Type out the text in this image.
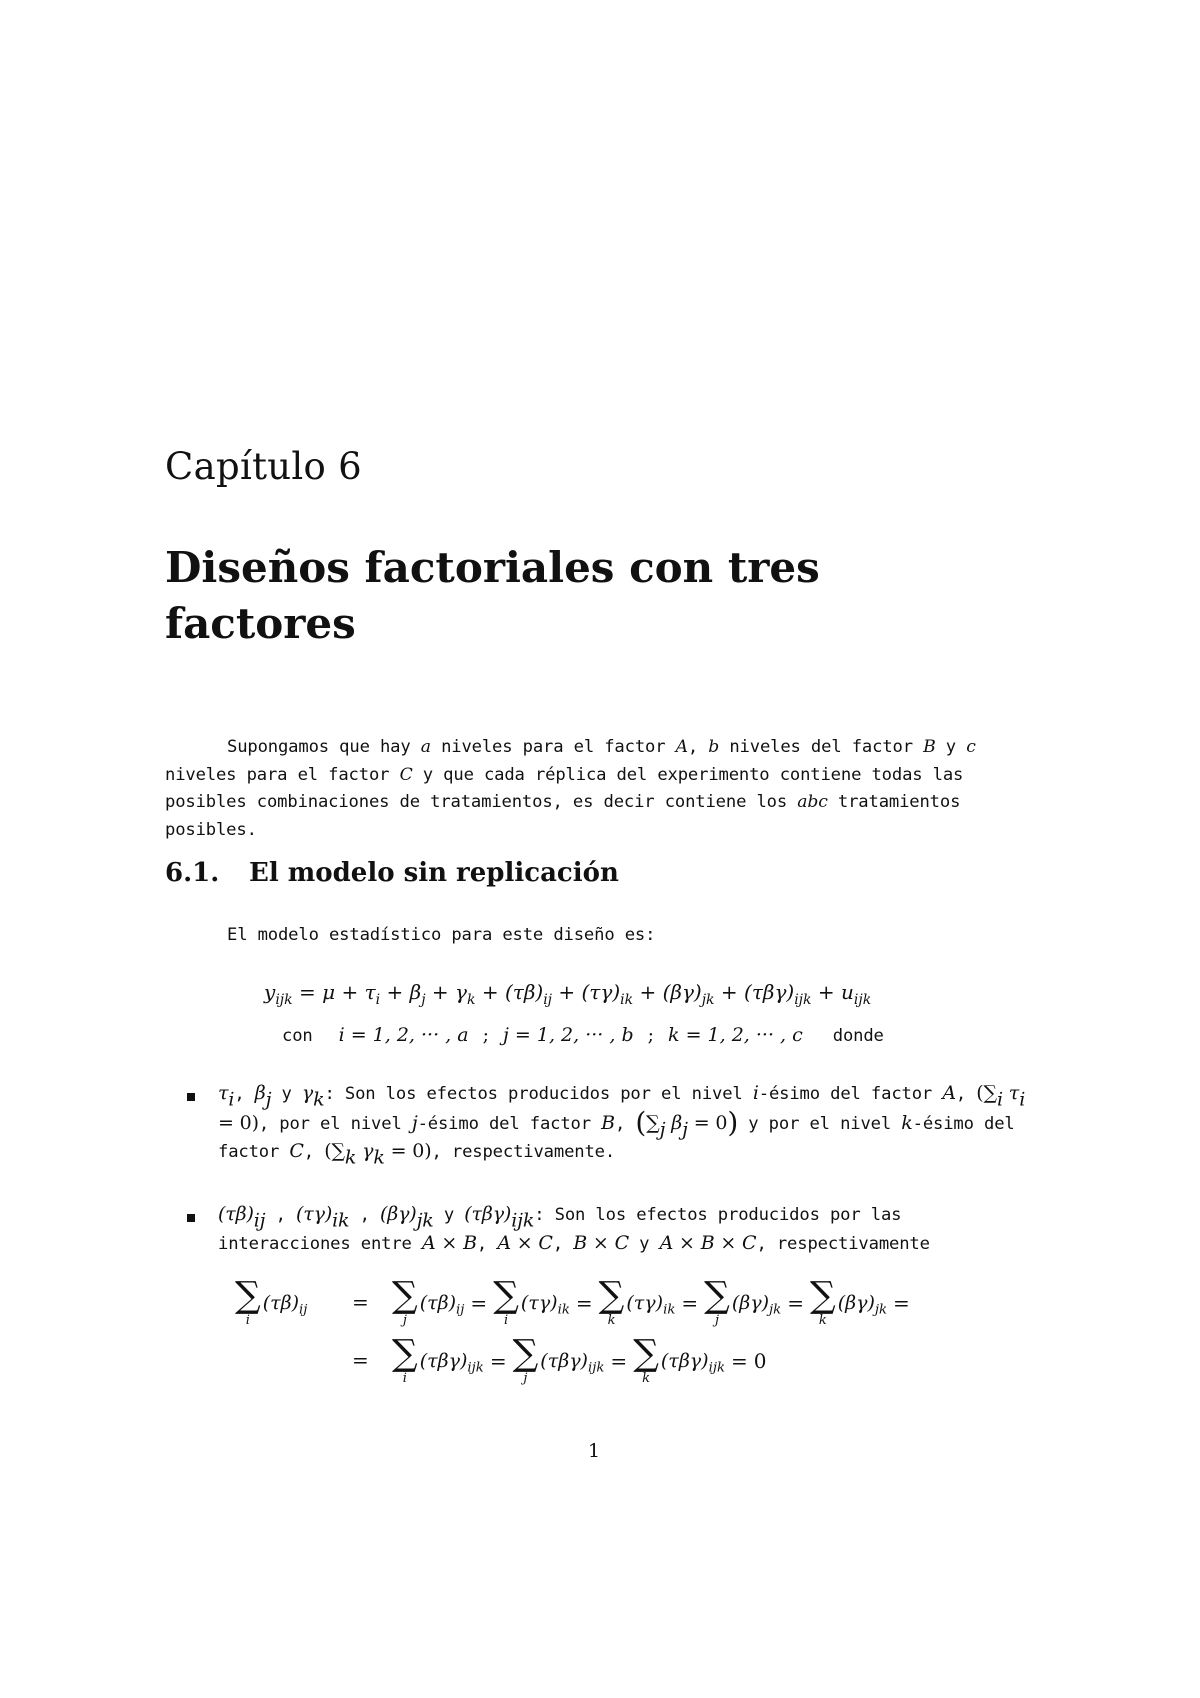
Capítulo 6
Diseños factoriales con tres
factores
Supongamos que hay a niveles para el factor A, b niveles del factor B y c niveles para el factor C y que cada réplica del experimento contiene todas las posibles combinaciones de tratamientos, es decir contiene los abc tratamientos posibles.
6.1. El modelo sin replicación
El modelo estadístico para este diseño es:
$y_{ijk} = \mu + \tau_i + \beta_j + \gamma_k + (\tau\beta)_{ij} + (\tau\gamma)_{ik} + (\beta\gamma)_{jk} + (\tau\beta\gamma)_{ijk} + u_{ijk}$
con i = 1, 2, ··· , a ; j = 1, 2, ··· , b ; k = 1, 2, ··· , c donde
$\tau_i$, $\beta_j$ y $\gamma_k$: Son los efectos producidos por el nivel i-ésimo del factor A, ($\sum_i$ $\tau_i = 0$), por el nivel j-ésimo del factor B, ($\sum_j$ $\beta_j = 0$) y por el nivel k-ésimo del factor C, ($\sum_k$ $\gamma_k = 0$), respectivamente.
$(\tau\beta)_{ij}$ , $(\tau\gamma)_{ik}$ , $(\beta\gamma)_{jk}$ y $(\tau\beta\gamma)_{ijk}$: Son los efectos producidos por las interacciones entre A × B, A × C, B × C y A × B × C, respectivamente
∑
i
$(\tau\beta)_{ij}$ = ∑
j
$(\tau\beta)_{ij}$ = ∑
i
$(\tau\gamma)_{ik}$ = ∑
k
$(\tau\gamma)_{ik}$ = ∑
j
$(\beta\gamma)_{jk}$ = ∑
k
$(\beta\gamma)_{jk}$ =
= ∑
i
$(\tau\beta\gamma)_{ijk}$ = ∑
j
$(\tau\beta\gamma)_{ijk}$ = ∑
k
$(\tau\beta\gamma)_{ijk} = 0$
1
